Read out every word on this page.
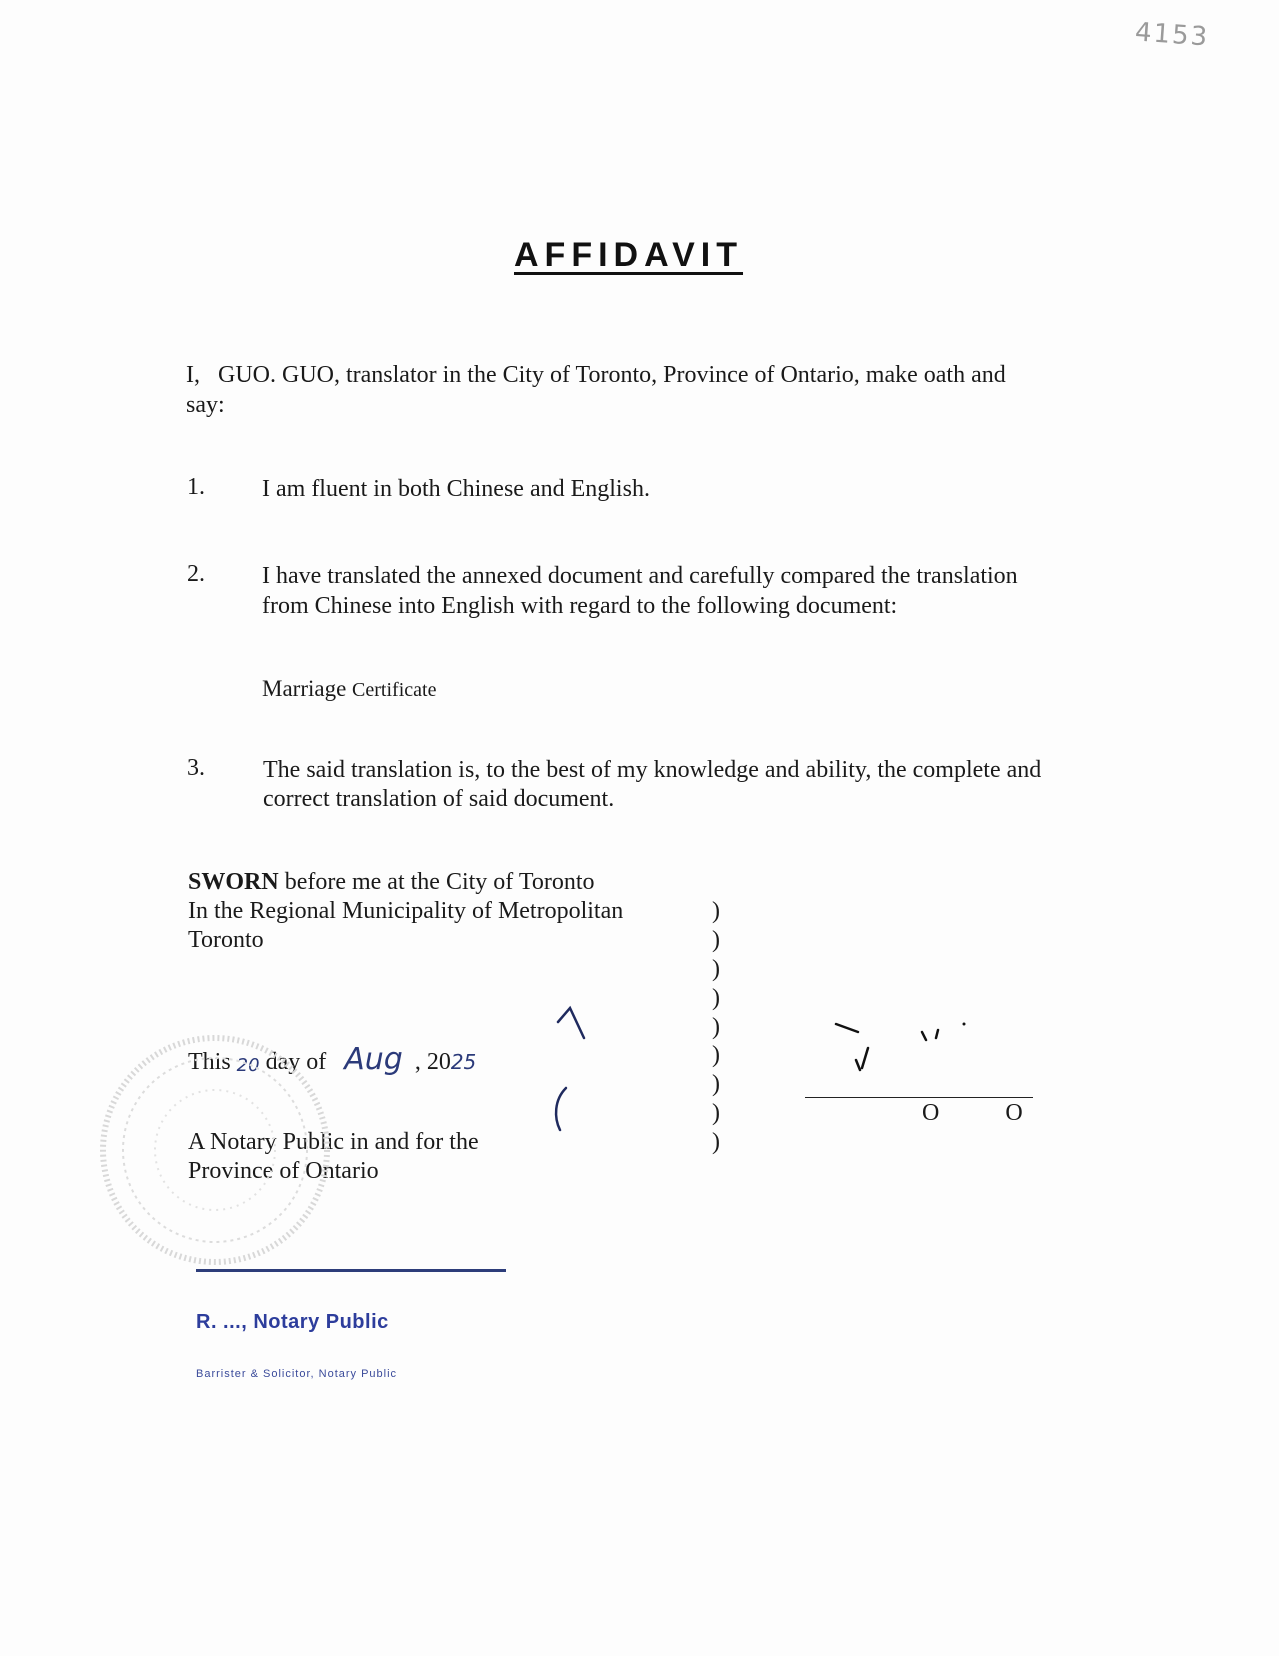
4153
AFFIDAVIT
I,   GUO. GUO, translator in the City of Toronto, Province of Ontario, make oath and
say:
1. I am fluent in both Chinese and English.
2. I have translated the annexed document and carefully compared the translation
from Chinese into English with regard to the following document:
Marriage Certificate
3. The said translation is, to the best of my knowledge and ability, the complete and
correct translation of said document.
SWORN before me at the City of Toronto
In the Regional Municipality of Metropolitan
Toronto
This 20 day of Aug , 2025
A Notary Public in and for the
Province of Ontario
)
)
)
)
)
)
)
)
)
R. ..., Notary Public
Barrister & Solicitor, Notary Public
O O
